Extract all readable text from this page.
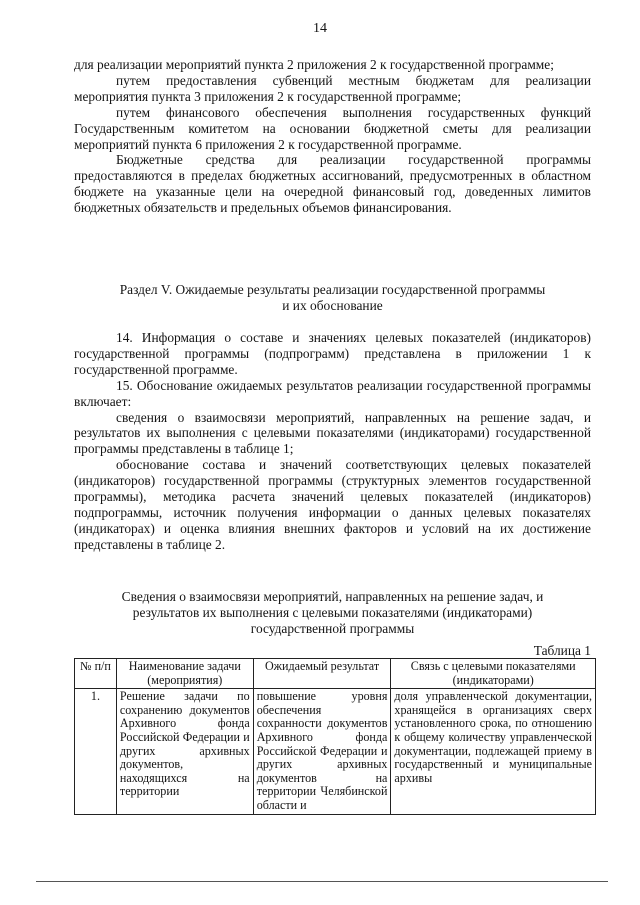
14

для реализации мероприятий пункта 2 приложения 2 к государственной программе;

путем предоставления субвенций местным бюджетам для реализации мероприятия пункта 3 приложения 2 к государственной программе;

путем финансового обеспечения выполнения государственных функций Государственным комитетом на основании бюджетной сметы для реализации мероприятий пункта 6 приложения 2 к государственной программе.

Бюджетные средства для реализации государственной программы предоставляются в пределах бюджетных ассигнований, предусмотренных в областном бюджете на указанные цели на очередной финансовый год, доведенных лимитов бюджетных обязательств и предельных объемов финансирования.

Раздел V. Ожидаемые результаты реализации государственной программы

и их обоснование

14. Информация о составе и значениях целевых показателей (индикаторов) государственной программы (подпрограмм) представлена в приложении 1 к государственной программе.

15. Обоснование ожидаемых результатов реализации государственной программы включает:

сведения о взаимосвязи мероприятий, направленных на решение задач, и результатов их выполнения с целевыми показателями (индикаторами) государственной программы представлены в таблице 1;

обоснование состава и значений соответствующих целевых показателей (индикаторов) государственной программы (структурных элементов государственной программы), методика расчета значений целевых показателей (индикаторов) подпрограммы, источник получения информации о данных целевых показателях (индикаторах) и оценка влияния внешних факторов и условий на их достижение представлены в таблице 2.

Сведения о взаимосвязи мероприятий, направленных на решение задач, и

результатов их выполнения с целевыми показателями (индикаторами)

государственной программы

Таблица 1
№ п/п	Наименование задачи (мероприятия)	Ожидаемый результат	Связь с целевыми показателями (индикаторами)
1.	Решение задачи по сохранению документов Архивного фонда Российской Федерации и других архивных документов, находящихся на территории	повышение уровня обеспечения сохранности документов Архивного фонда Российской Федерации и других архивных документов на территории Челябинской области и	доля управленческой документации, хранящейся в организациях сверх установленного срока, по отношению к общему количеству управленческой документации, подлежащей приему в государственный и муниципальные архивы
